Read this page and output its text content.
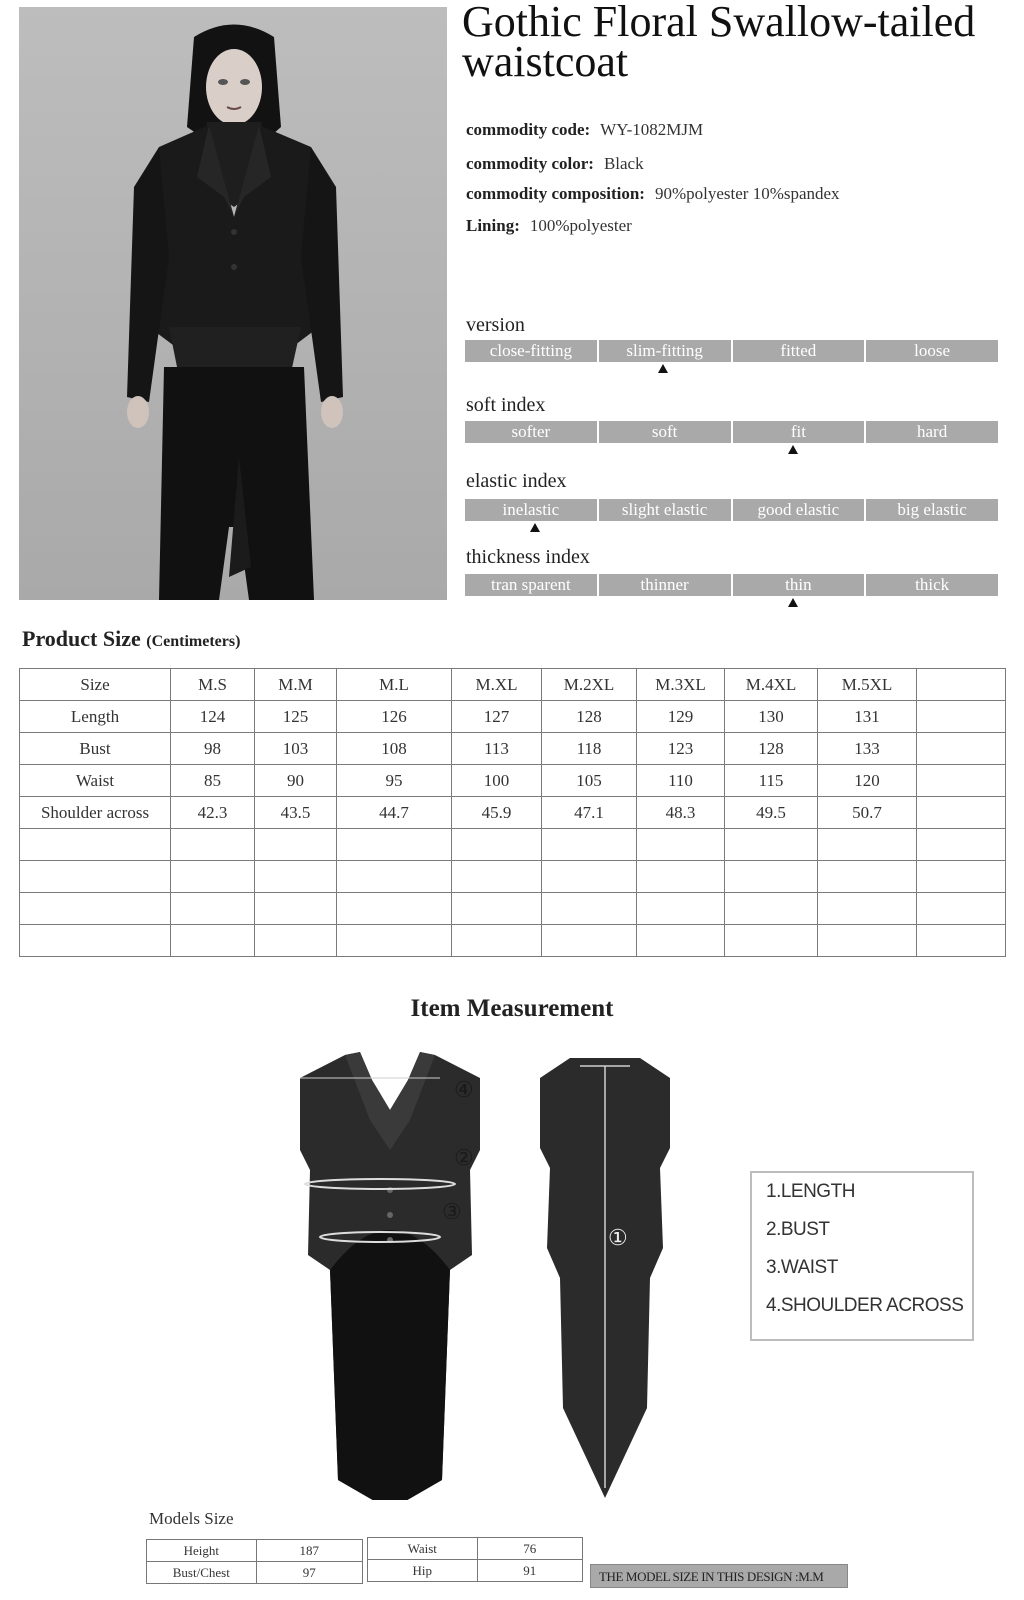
Gothic Floral Swallow-tailed waistcoat
commodity code: WY-1082MJM
commodity color: Black
commodity composition: 90%polyester 10%spandex
Lining: 100%polyester
version
close-fitting	slim-fitting	fitted	loose
soft index
softer	soft	fit	hard
elastic index
inelastic	slight elastic	good elastic	big elastic
thickness index
tran sparent	thinner	thin	thick
Product Size (Centimeters)
Size	M.S	M.M	M.L	M.XL	M.2XL	M.3XL	M.4XL	M.5XL	
Length	124	125	126	127	128	129	130	131	
Bust	98	103	108	113	118	123	128	133	
Waist	85	90	95	100	105	110	115	120	
Shoulder across	42.3	43.5	44.7	45.9	47.1	48.3	49.5	50.7	

Item Measurement
④
②
③
①
1.LENGTH
2.BUST
3.WAIST
4.SHOULDER ACROSS
Models Size
Height	187
Bust/Chest	97
Waist	76
Hip	91	THE MODEL SIZE IN THIS DESIGN :M.M
